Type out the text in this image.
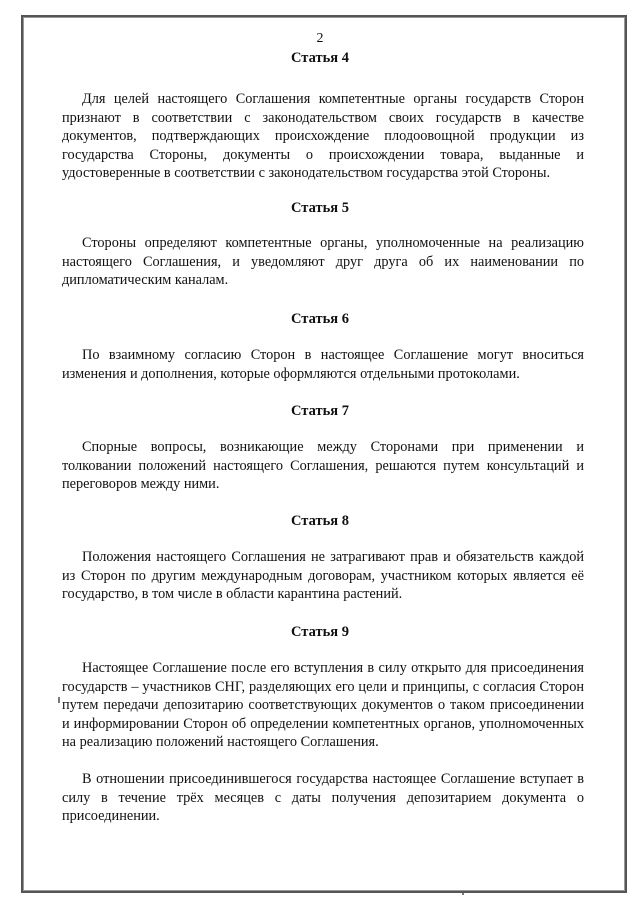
2
Статья 4

Для целей настоящего Соглашения компетентные органы государств Сторон признают в соответствии с законодательством своих государств в качестве документов, подтверждающих происхождение плодоовощной продукции из государства Стороны, документы о происхождении товара, выданные и удостоверенные в соответствии с законодательством государства этой Стороны.

Статья 5

Стороны определяют компетентные органы, уполномоченные на реализацию настоящего Соглашения, и уведомляют друг друга об их наименовании по дипломатическим каналам.

Статья 6

По взаимному согласию Сторон в настоящее Соглашение могут вноситься изменения и дополнения, которые оформляются отдельными протоколами.

Статья 7

Спорные вопросы, возникающие между Сторонами при применении и толковании положений настоящего Соглашения, решаются путем консультаций и переговоров между ними.

Статья 8

Положения настоящего Соглашения не затрагивают прав и обязательств каждой из Сторон по другим международным договорам, участником которых является её государство, в том числе в области карантина растений.

Статья 9

Настоящее Соглашение после его вступления в силу открыто для присоединения государств – участников СНГ, разделяющих его цели и принципы, с согласия Сторон путем передачи депозитарию соответствующих документов о таком присоединении и информировании Сторон об определении компетентных органов, уполномоченных на реализацию положений настоящего Соглашения.

В отношении присоединившегося государства настоящее Соглашение вступает в силу в течение трёх месяцев с даты получения депозитарием документа о присоединении.
